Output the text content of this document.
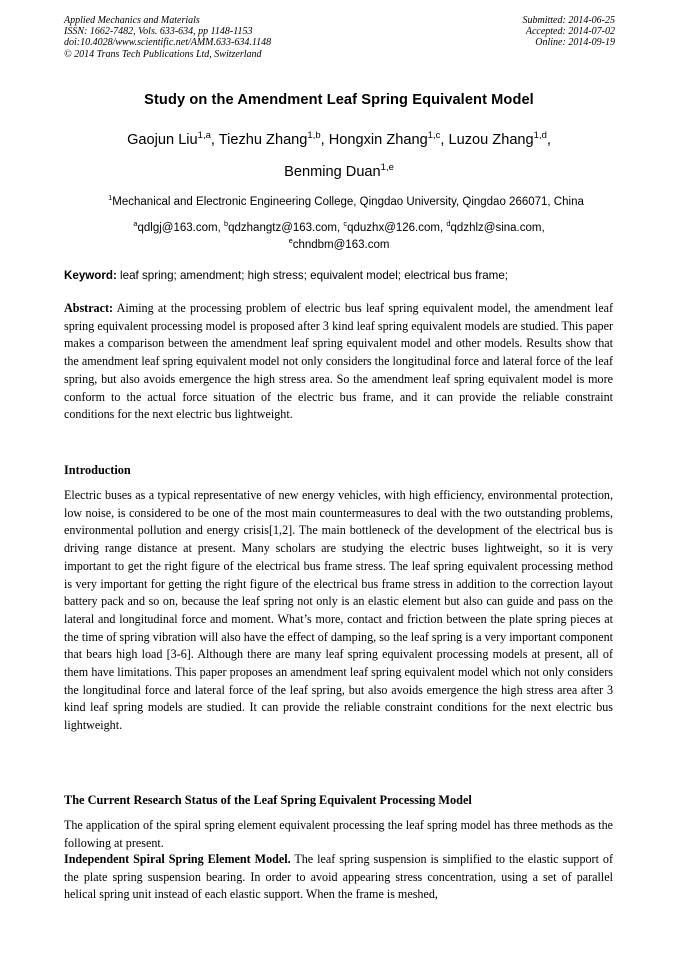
Applied Mechanics and Materials
ISSN: 1662-7482, Vols. 633-634, pp 1148-1153
doi:10.4028/www.scientific.net/AMM.633-634.1148
© 2014 Trans Tech Publications Ltd, Switzerland
Submitted: 2014-06-25
Accepted: 2014-07-02
Online: 2014-09-19
Study on the Amendment Leaf Spring Equivalent Model
Gaojun Liu$^{1,a}$, Tiezhu Zhang$^{1,b}$, Hongxin Zhang$^{1,c}$, Luzou Zhang$^{1,d}$,
Benming Duan$^{1,e}$
$^1$Mechanical and Electronic Engineering College, Qingdao University, Qingdao 266071, China
$^a$qdlgj@163.com, $^b$qdzhangtz@163.com, $^c$qduzhx@126.com, $^d$qdzhlz@sina.com,
$^e$chndbm@163.com
Keyword: leaf spring; amendment; high stress; equivalent model; electrical bus frame;

Abstract: Aiming at the processing problem of electric bus leaf spring equivalent model, the amendment leaf spring equivalent processing model is proposed after 3 kind leaf spring equivalent models are studied. This paper makes a comparison between the amendment leaf spring equivalent model and other models. Results show that the amendment leaf spring equivalent model not only considers the longitudinal force and lateral force of the leaf spring, but also avoids emergence the high stress area. So the amendment leaf spring equivalent model is more conform to the actual force situation of the electric bus frame, and it can provide the reliable constraint conditions for the next electric bus lightweight.

Introduction

Electric buses as a typical representative of new energy vehicles, with high efficiency, environmental protection, low noise, is considered to be one of the most main countermeasures to deal with the two outstanding problems, environmental pollution and energy crisis[1,2]. The main bottleneck of the development of the electrical bus is driving range distance at present. Many scholars are studying the electric buses lightweight, so it is very important to get the right figure of the electrical bus frame stress. The leaf spring equivalent processing method is very important for getting the right figure of the electrical bus frame stress in addition to the correction layout battery pack and so on, because the leaf spring not only is an elastic element but also can guide and pass on the lateral and longitudinal force and moment. What’s more, contact and friction between the plate spring pieces at the time of spring vibration will also have the effect of damping, so the leaf spring is a very important component that bears high load [3-6]. Although there are many leaf spring equivalent processing models at present, all of them have limitations. This paper proposes an amendment leaf spring equivalent model which not only considers the longitudinal force and lateral force of the leaf spring, but also avoids emergence the high stress area after 3 kind leaf spring models are studied. It can provide the reliable constraint conditions for the next electric bus lightweight.

The Current Research Status of the Leaf Spring Equivalent Processing Model

The application of the spiral spring element equivalent processing the leaf spring model has three methods as the following at present.

Independent Spiral Spring Element Model. The leaf spring suspension is simplified to the elastic support of the plate spring suspension bearing. In order to avoid appearing stress concentration, using a set of parallel helical spring unit instead of each elastic support. When the frame is meshed,
